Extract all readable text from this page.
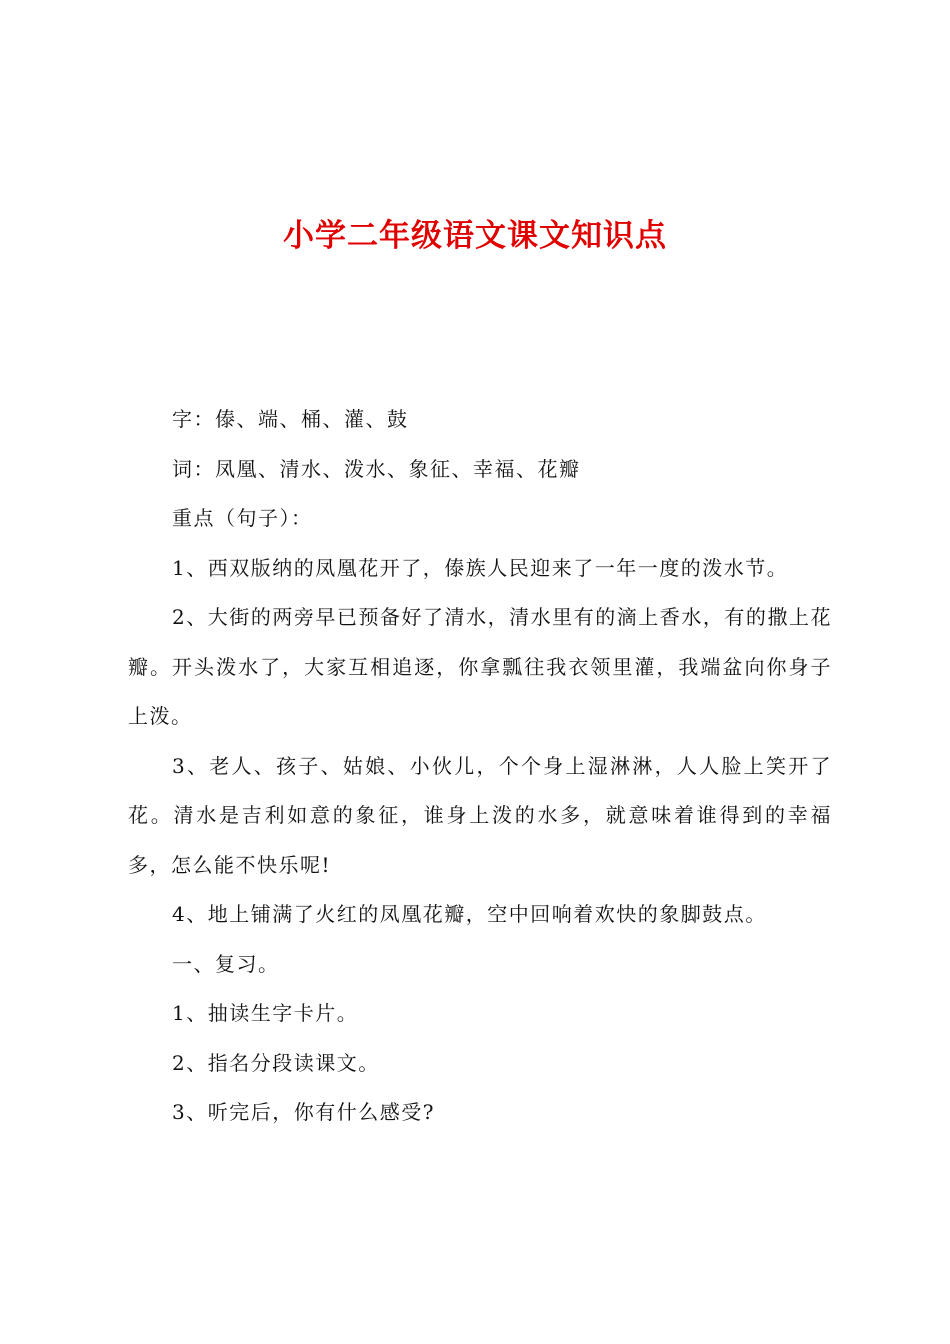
小学二年级语文课文知识点

字：傣、端、桶、灌、鼓

词：凤凰、清水、泼水、象征、幸福、花瓣

重点（句子）：

1、西双版纳的凤凰花开了，傣族人民迎来了一年一度的泼水节。

2、大街的两旁早已预备好了清水，清水里有的滴上香水，有的撒上花瓣。开头泼水了，大家互相追逐，你拿瓢往我衣领里灌，我端盆向你身子上泼。

3、老人、孩子、姑娘、小伙儿，个个身上湿淋淋，人人脸上笑开了花。清水是吉利如意的象征，谁身上泼的水多，就意味着谁得到的幸福多，怎么能不快乐呢!

4、地上铺满了火红的凤凰花瓣，空中回响着欢快的象脚鼓点。

一、复习。

1、抽读生字卡片。

2、指名分段读课文。

3、听完后，你有什么感受?
